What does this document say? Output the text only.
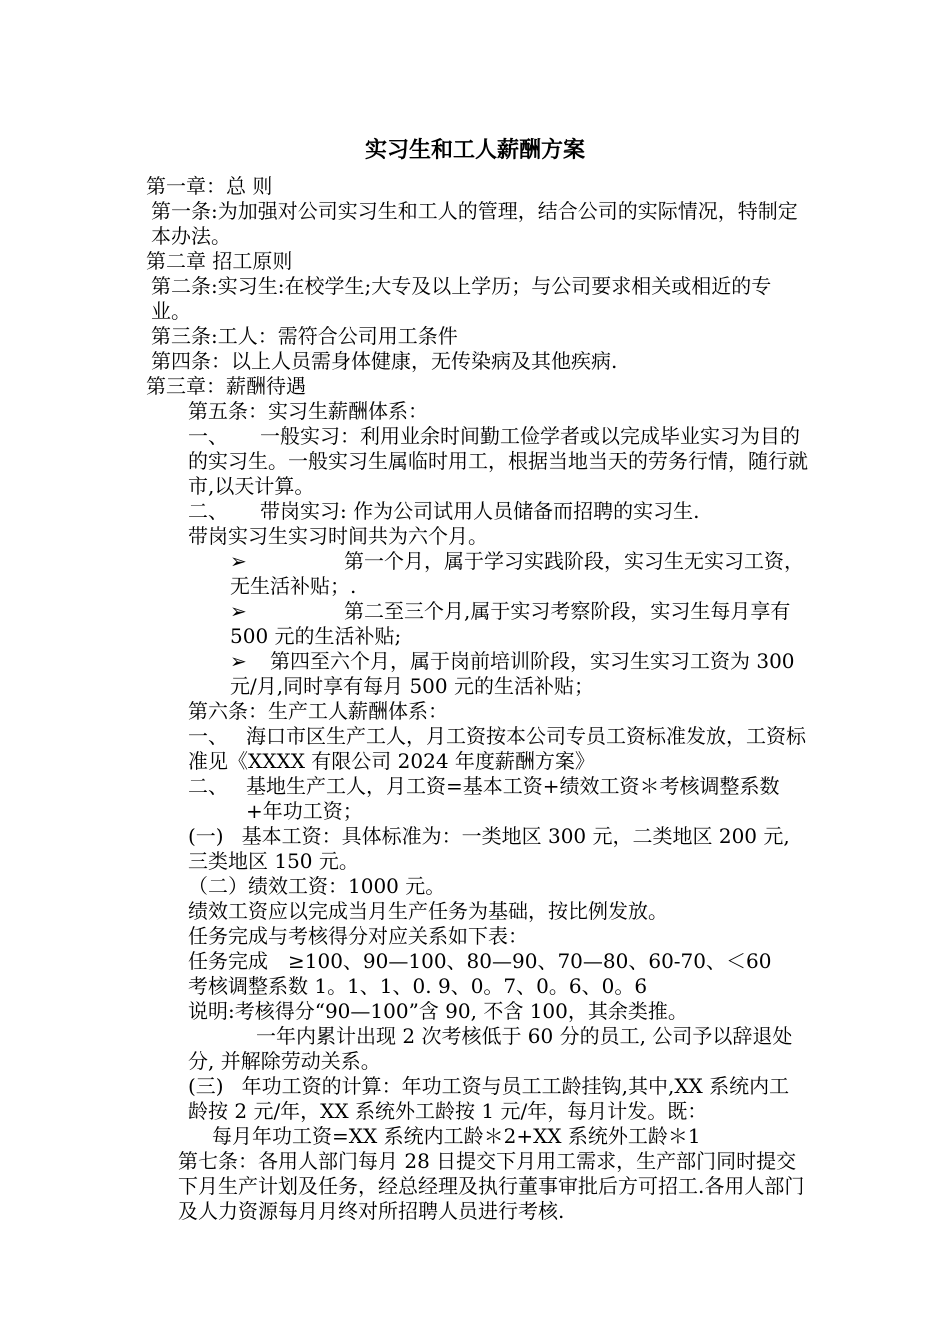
实习生和工人薪酬方案

第一章：总 则

第一条:为加强对公司实习生和工人的管理，结合公司的实际情况，特制定本办法。

第二章 招工原则

第二条:实习生:在校学生;大专及以上学历；与公司要求相关或相近的专业。

第三条:工人：需符合公司用工条件

第四条：以上人员需身体健康，无传染病及其他疾病.

第三章：薪酬待遇

第五条：实习生薪酬体系：

一、 一般实习：利用业余时间勤工俭学者或以完成毕业实习为目的的实习生。一般实习生属临时用工，根据当地当天的劳务行情，随行就市,以天计算。

二、 带岗实习: 作为公司试用人员储备而招聘的实习生.

带岗实习生实习时间共为六个月。

➢	第一个月，属于学习实践阶段，实习生无实习工资，无生活补贴；.

➢	第二至三个月,属于实习考察阶段，实习生每月享有 500 元的生活补贴;

➢ 第四至六个月，属于岗前培训阶段，实习生实习工资为 300 元/月,同时享有每月 500 元的生活补贴；

第六条：生产工人薪酬体系：

一、 海口市区生产工人，月工资按本公司专员工资标准发放，工资标准见《XXXX 有限公司 2024 年度薪酬方案》

二、 基地生产工人，月工资=基本工资+绩效工资＊考核调整系数+年功工资；

(一) 基本工资：具体标准为：一类地区 300 元，二类地区 200 元,三类地区 150 元。

（二）绩效工资：1000 元。

绩效工资应以完成当月生产任务为基础，按比例发放。

任务完成与考核得分对应关系如下表：

任务完成　≥100、90—100、80—90、70—80、60-70、＜60

考核调整系数 1。1、1、0. 9、0。7、0。6、0。6

说明:考核得分“90—100”含 90, 不含 100，其余类推。

一年内累计出现 2 次考核低于 60 分的员工, 公司予以辞退处分, 并解除劳动关系。

(三) 年功工资的计算：年功工资与员工工龄挂钩,其中,XX 系统内工龄按 2 元/年，XX 系统外工龄按 1 元/年，每月计发。既：

每月年功工资=XX 系统内工龄＊2+XX 系统外工龄＊1

第七条：各用人部门每月 28 日提交下月用工需求，生产部门同时提交下月生产计划及任务，经总经理及执行董事审批后方可招工.各用人部门及人力资源每月月终对所招聘人员进行考核.
